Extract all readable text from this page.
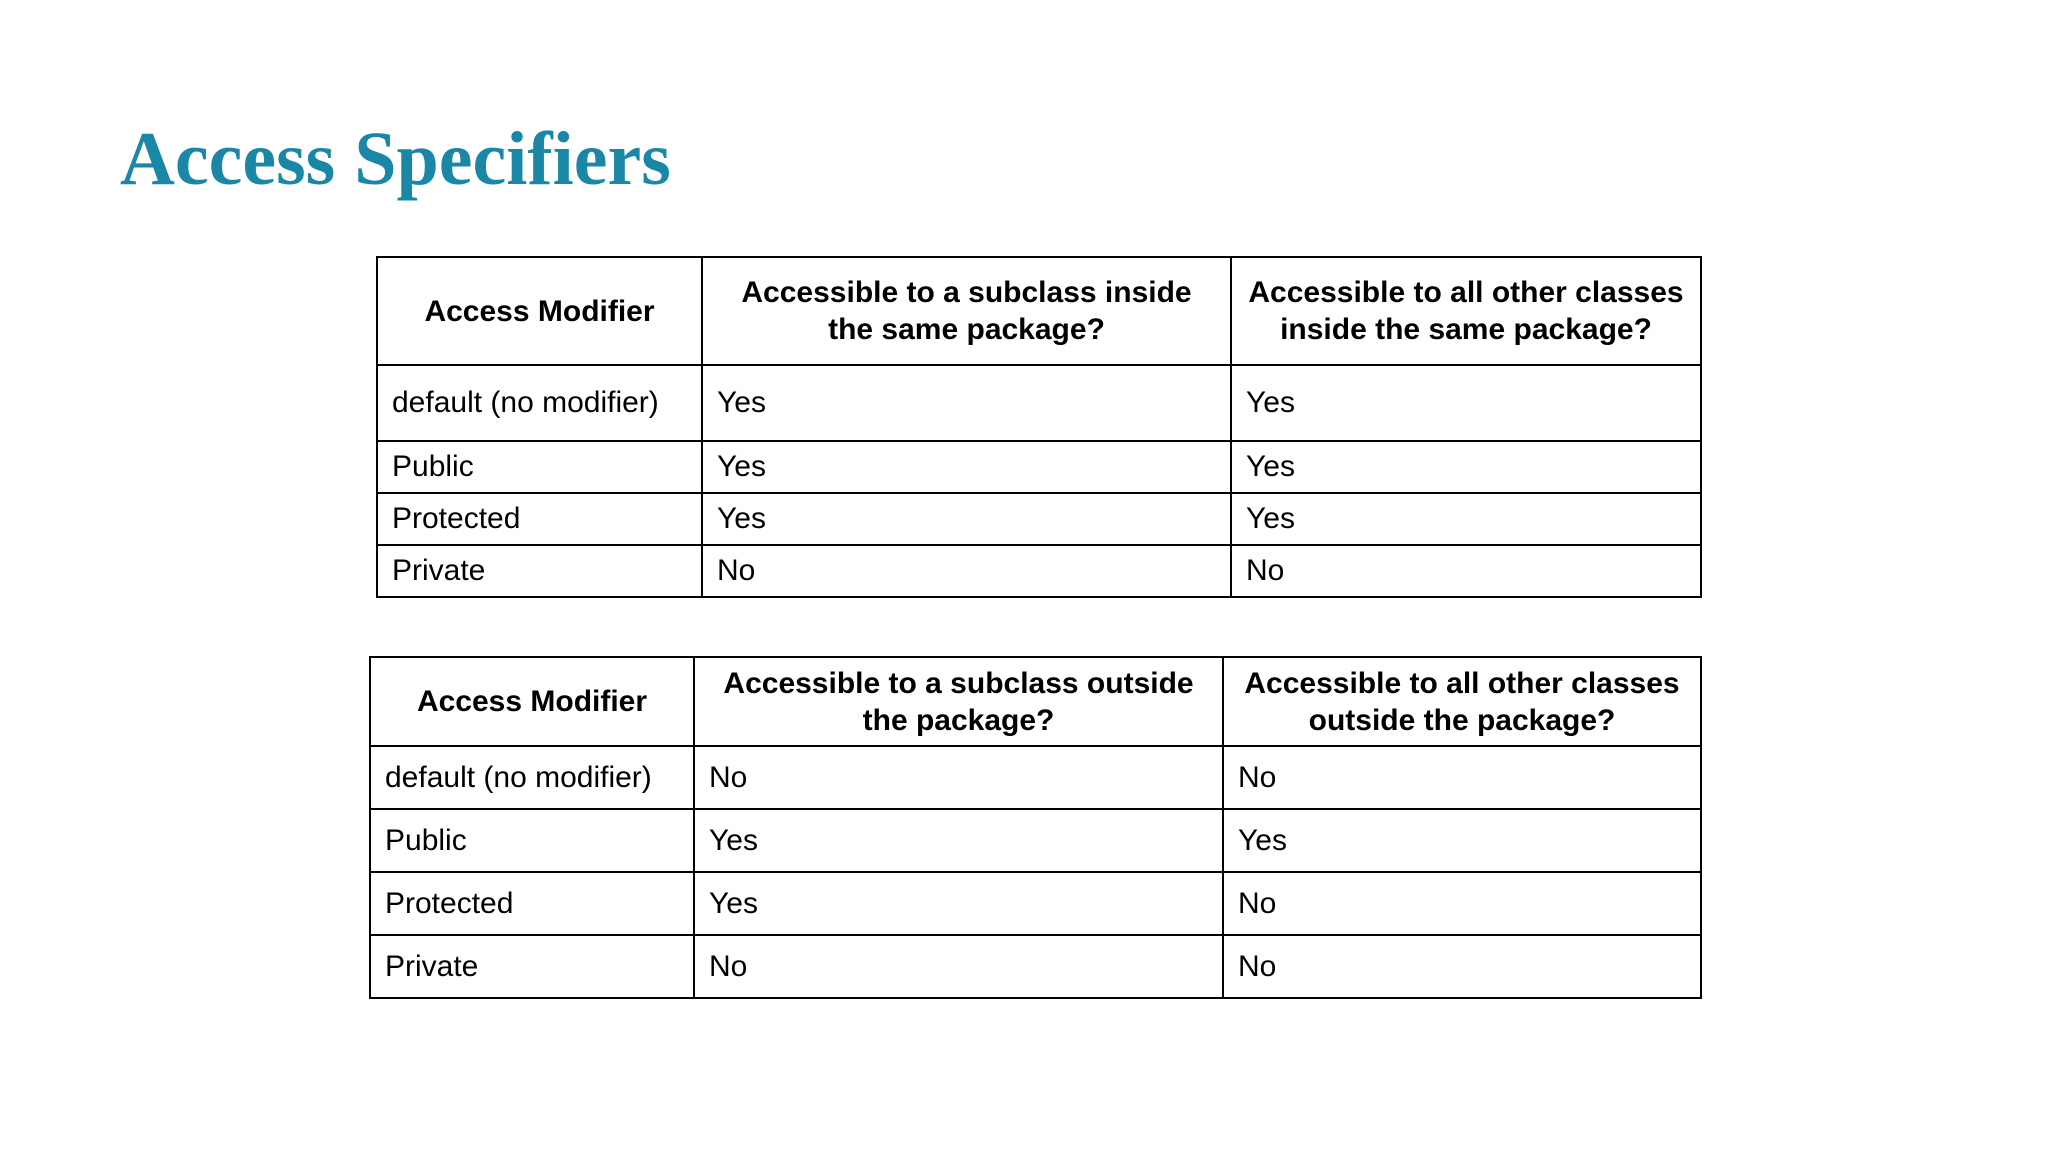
Access Specifiers
Access Modifier	Accessible to a subclass inside the same package?	Accessible to all other classes inside the same package?
default (no modifier)	Yes	Yes
Public	Yes	Yes
Protected	Yes	Yes
Private	No	No
Access Modifier	Accessible to a subclass outside the package?	Accessible to all other classes outside the package?
default (no modifier)	No	No
Public	Yes	Yes
Protected	Yes	No
Private	No	No
